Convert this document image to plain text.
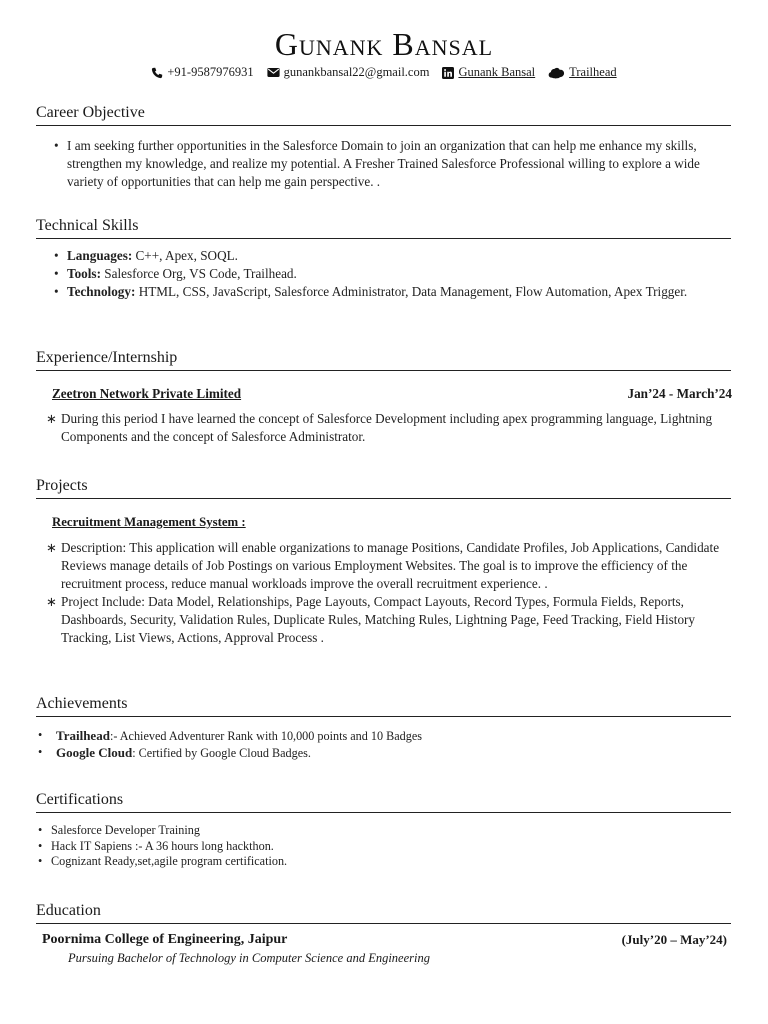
Gunank Bansal
+91-9587976931 gunankbansal22@gmail.com Gunank Bansal	Trailhead
Career Objective
• I am seeking further opportunities in the Salesforce Domain to join an organization that can help me enhance my skills, strengthen my knowledge, and realize my potential. A Fresher Trained Salesforce Professional willing to explore a wide variety of opportunities that can help me gain perspective. .
Technical Skills
• Languages: C++, Apex, SOQL.
• Tools: Salesforce Org, VS Code, Trailhead.
• Technology: HTML, CSS, JavaScript, Salesforce Administrator, Data Management, Flow Automation, Apex Trigger.
Experience/Internship
Zeetron Network Private Limited	Jan’24 - March’24
∗ During this period I have learned the concept of Salesforce Development including apex programming language, Lightning Components and the concept of Salesforce Administrator.
Projects
Recruitment Management System :
∗ Description: This application will enable organizations to manage Positions, Candidate Profiles, Job Applications, Candidate Reviews manage details of Job Postings on various Employment Websites. The goal is to improve the efficiency of the recruitment process, reduce manual workloads improve the overall recruitment experience. .
∗ Project Include: Data Model, Relationships, Page Layouts, Compact Layouts, Record Types, Formula Fields, Reports, Dashboards, Security, Validation Rules, Duplicate Rules, Matching Rules, Lightning Page, Feed Tracking, Field History Tracking, List Views, Actions, Approval Process .
Achievements
• Trailhead:- Achieved Adventurer Rank with 10,000 points and 10 Badges
• Google Cloud: Certified by Google Cloud Badges.
Certifications
• Salesforce Developer Training
• Hack IT Sapiens :- A 36 hours long hackthon.
• Cognizant Ready,set,agile program certification.
Education
Poornima College of Engineering, Jaipur	(July’20 – May’24)
Pursuing Bachelor of Technology in Computer Science and Engineering
